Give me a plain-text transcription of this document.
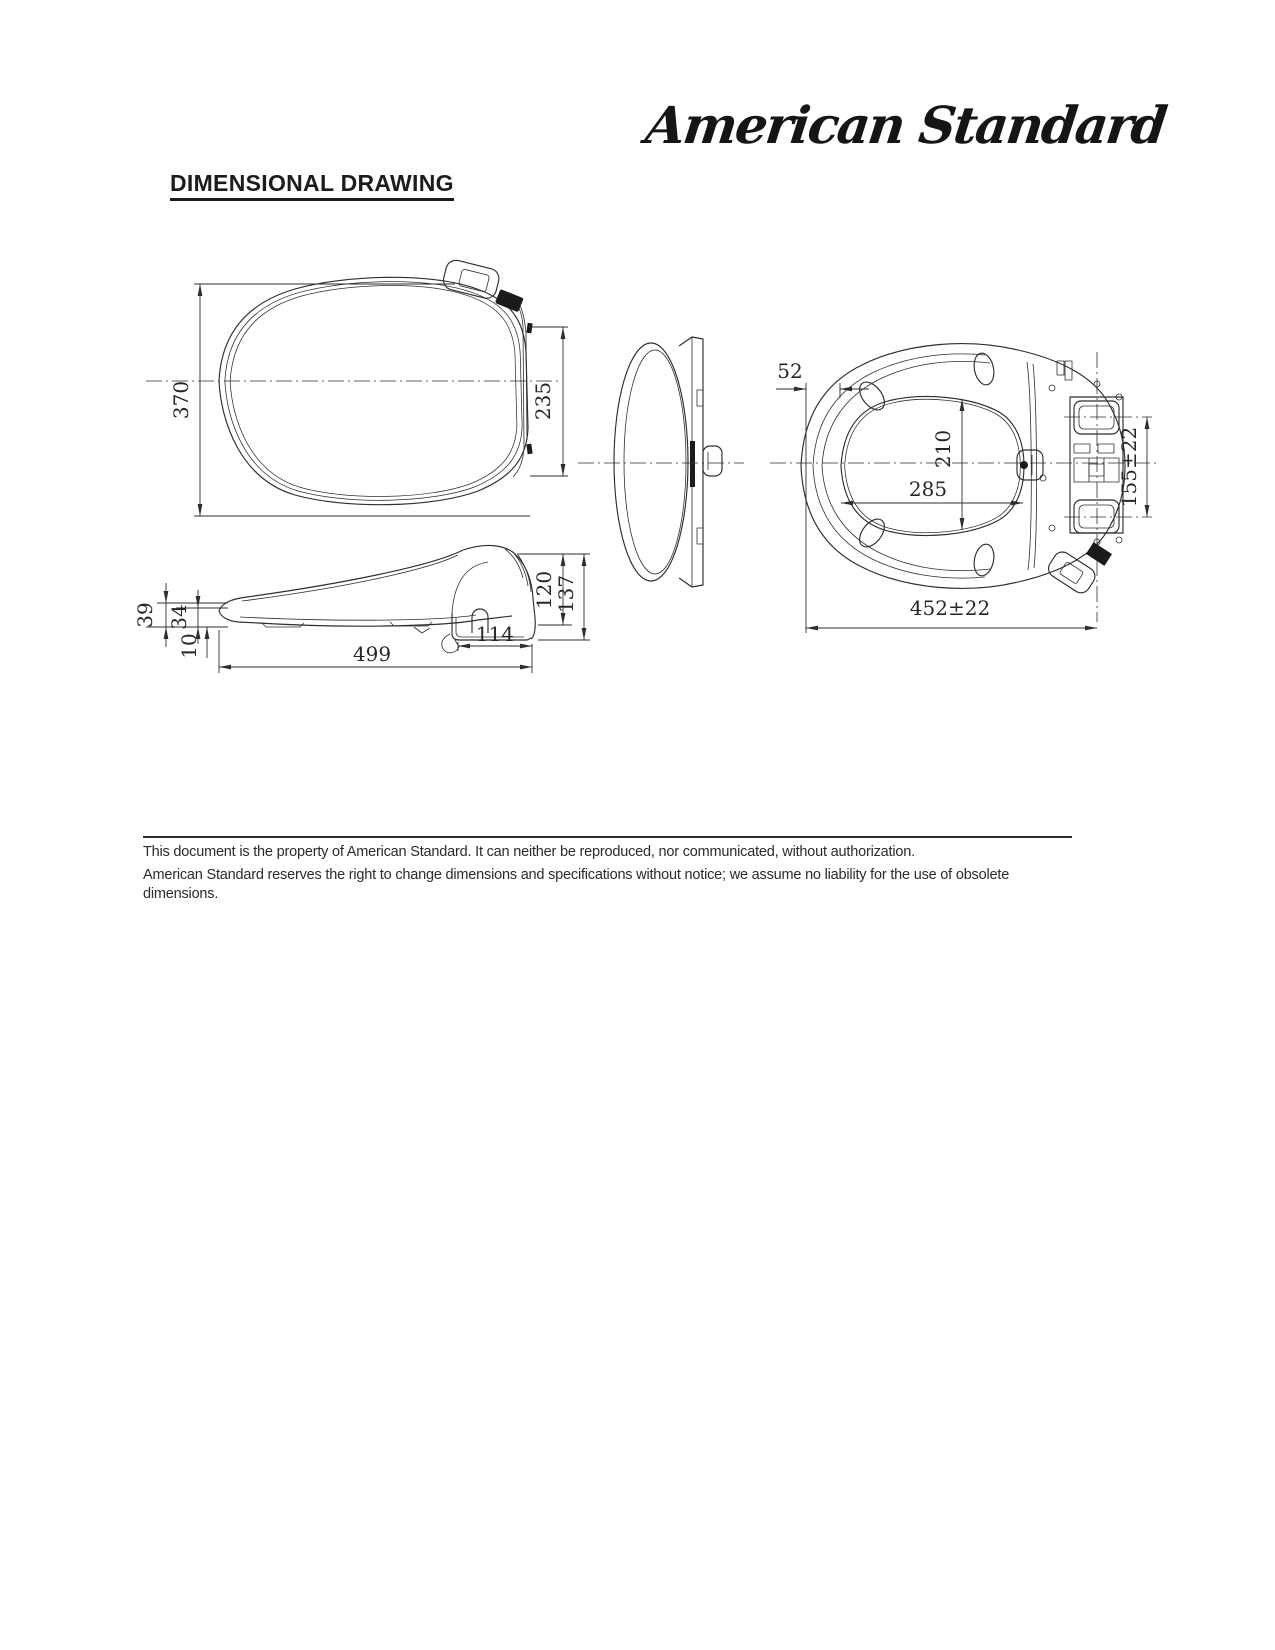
American Standard
DIMENSIONAL DRAWING
370	235
52
210
285	155±22
452±22
39 34
10	499
114
120
137
This document is the property of American Standard. It can neither be reproduced, nor communicated, without authorization.
American Standard reserves the right to change dimensions and specifications without notice; we assume no liability for the use of obsolete dimensions.
